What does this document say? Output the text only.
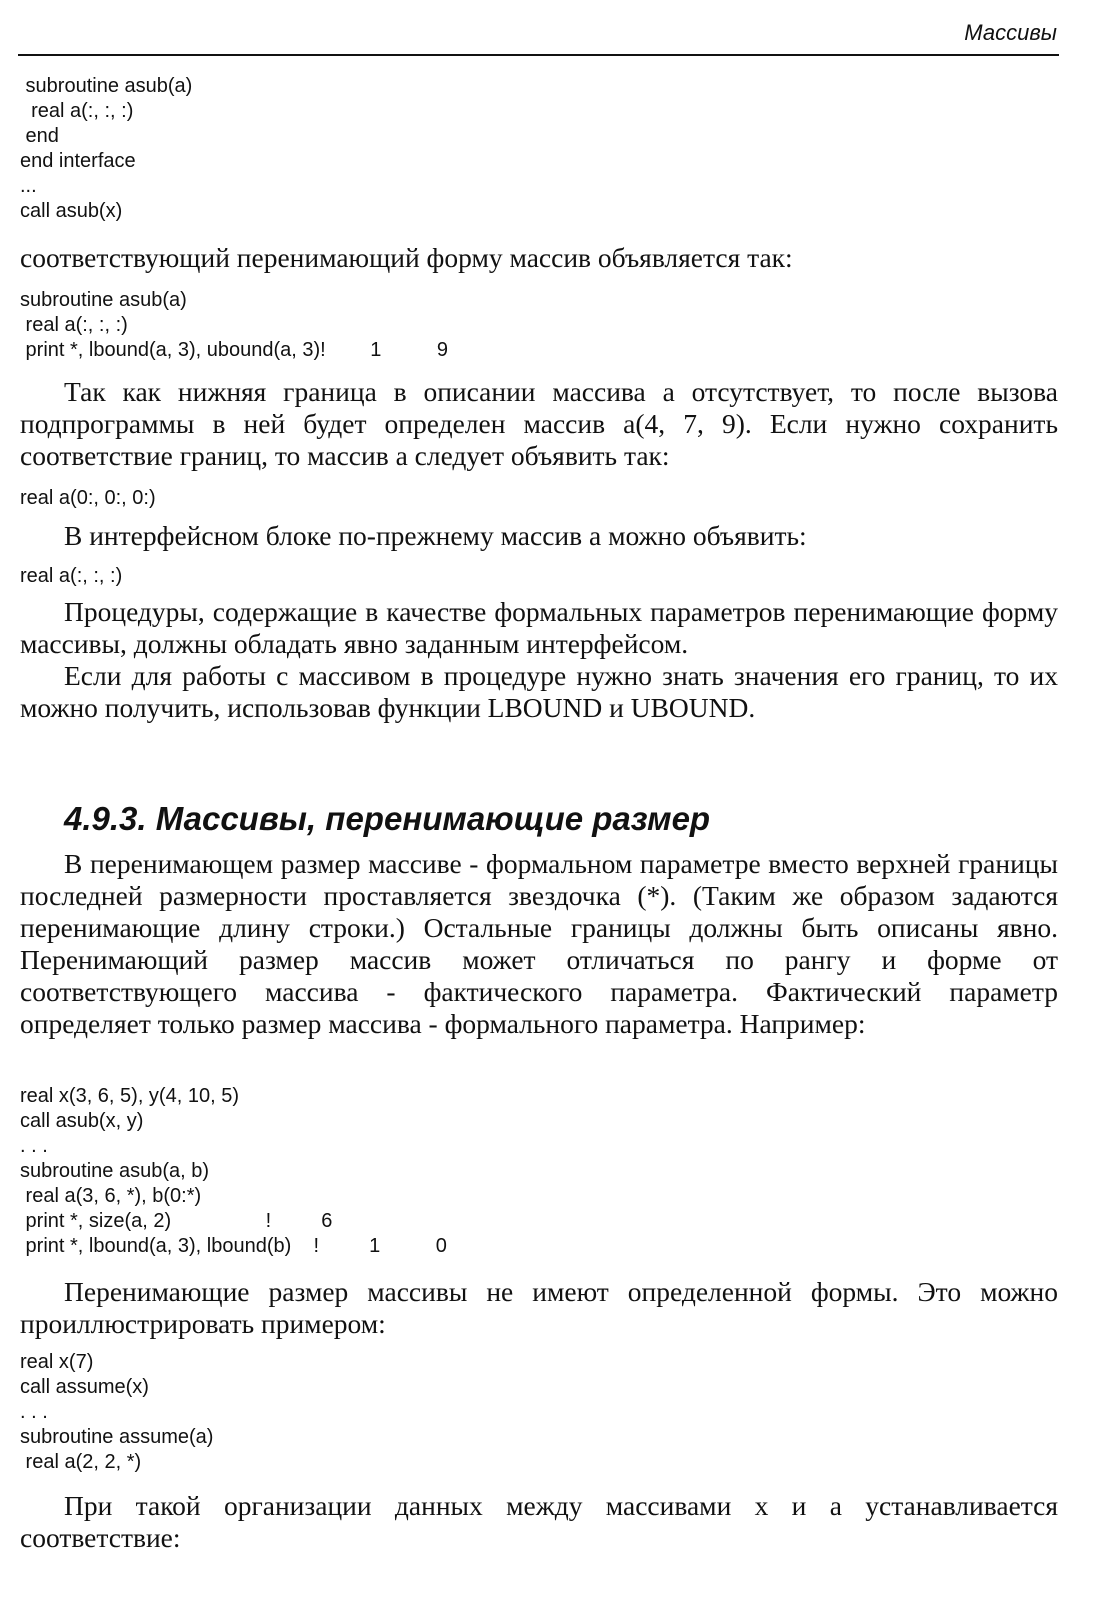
Массивы
subroutine asub(a)
real a(:, :, :)
end
end interface
...
call asub(x)

соответствующий перенимающий форму массив объявляется так:

subroutine asub(a)
real a(:, :, :)
print *, lbound(a, 3), ubound(a, 3)!        1          9

Так как нижняя граница в описании массива a отсутствует, то после вызова подпрограммы в ней будет определен массив a(4, 7, 9). Если нужно сохранить соответствие границ, то массив a следует объявить так:

real a(0:, 0:, 0:)

В интерфейсном блоке по-прежнему массив a можно объявить:

real a(:, :, :)

Процедуры, содержащие в качестве формальных параметров перенимающие форму массивы, должны обладать явно заданным интерфейсом.

Если для работы с массивом в процедуре нужно знать значения его границ, то их можно получить, использовав функции LBOUND и UBOUND.

4.9.3. Массивы, перенимающие размер

В перенимающем размер массиве - формальном параметре вместо верхней границы последней размерности проставляется звездочка (*). (Таким же образом задаются перенимающие длину строки.) Остальные границы должны быть описаны явно. Перенимающий размер массив может отличаться по рангу и форме от соответствующего массива - фактического параметра. Фактический параметр определяет только размер массива - формального параметра. Например:

real x(3, 6, 5), y(4, 10, 5)
call asub(x, y)
. . .
subroutine asub(a, b)
real a(3, 6, *), b(0:*)
print *, size(a, 2)                 !         6
print *, lbound(a, 3), lbound(b)    !         1          0

Перенимающие размер массивы не имеют определенной формы. Это можно проиллюстрировать примером:

real x(7)
call assume(x)
. . .
subroutine assume(a)
real a(2, 2, *)

При такой организации данных между массивами x и a устанавливается соответствие:
